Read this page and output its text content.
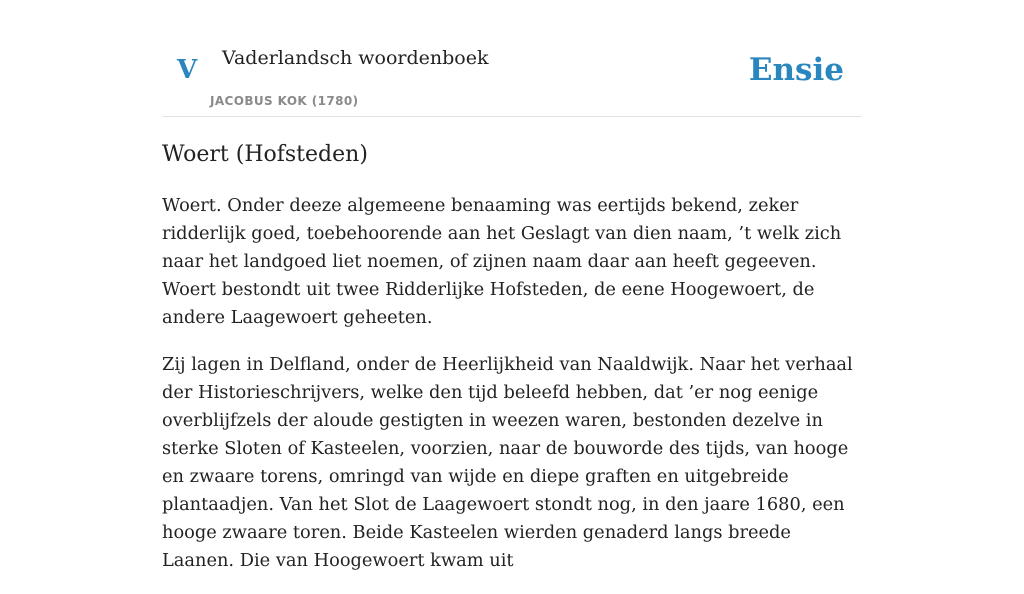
V Vaderlandsch woordenboek
JACOBUS KOK (1780)
Ensie
Woert (Hofsteden)

Woert. Onder deeze algemeene benaaming was eertijds bekend, zeker ridderlijk goed, toebehoorende aan het Geslagt van dien naam, ’t welk zich naar het landgoed liet noemen, of zijnen naam daar aan heeft gegeeven. Woert bestondt uit twee Ridderlijke Hofsteden, de eene Hoogewoert, de andere Laagewoert geheeten.

Zij lagen in Delfland, onder de Heerlijkheid van Naaldwijk. Naar het verhaal der Historieschrijvers, welke den tijd beleefd hebben, dat ’er nog eenige overblijfzels der aloude gestigten in weezen waren, bestonden dezelve in sterke Sloten of Kasteelen, voorzien, naar de bouworde des tijds, van hooge en zwaare torens, omringd van wijde en diepe graften en uitgebreide plantaadjen. Van het Slot de Laagewoert stondt nog, in den jaare 1680, een hooge zwaare toren. Beide Kasteelen wierden genaderd langs breede Laanen. Die van Hoogewoert kwam uit
